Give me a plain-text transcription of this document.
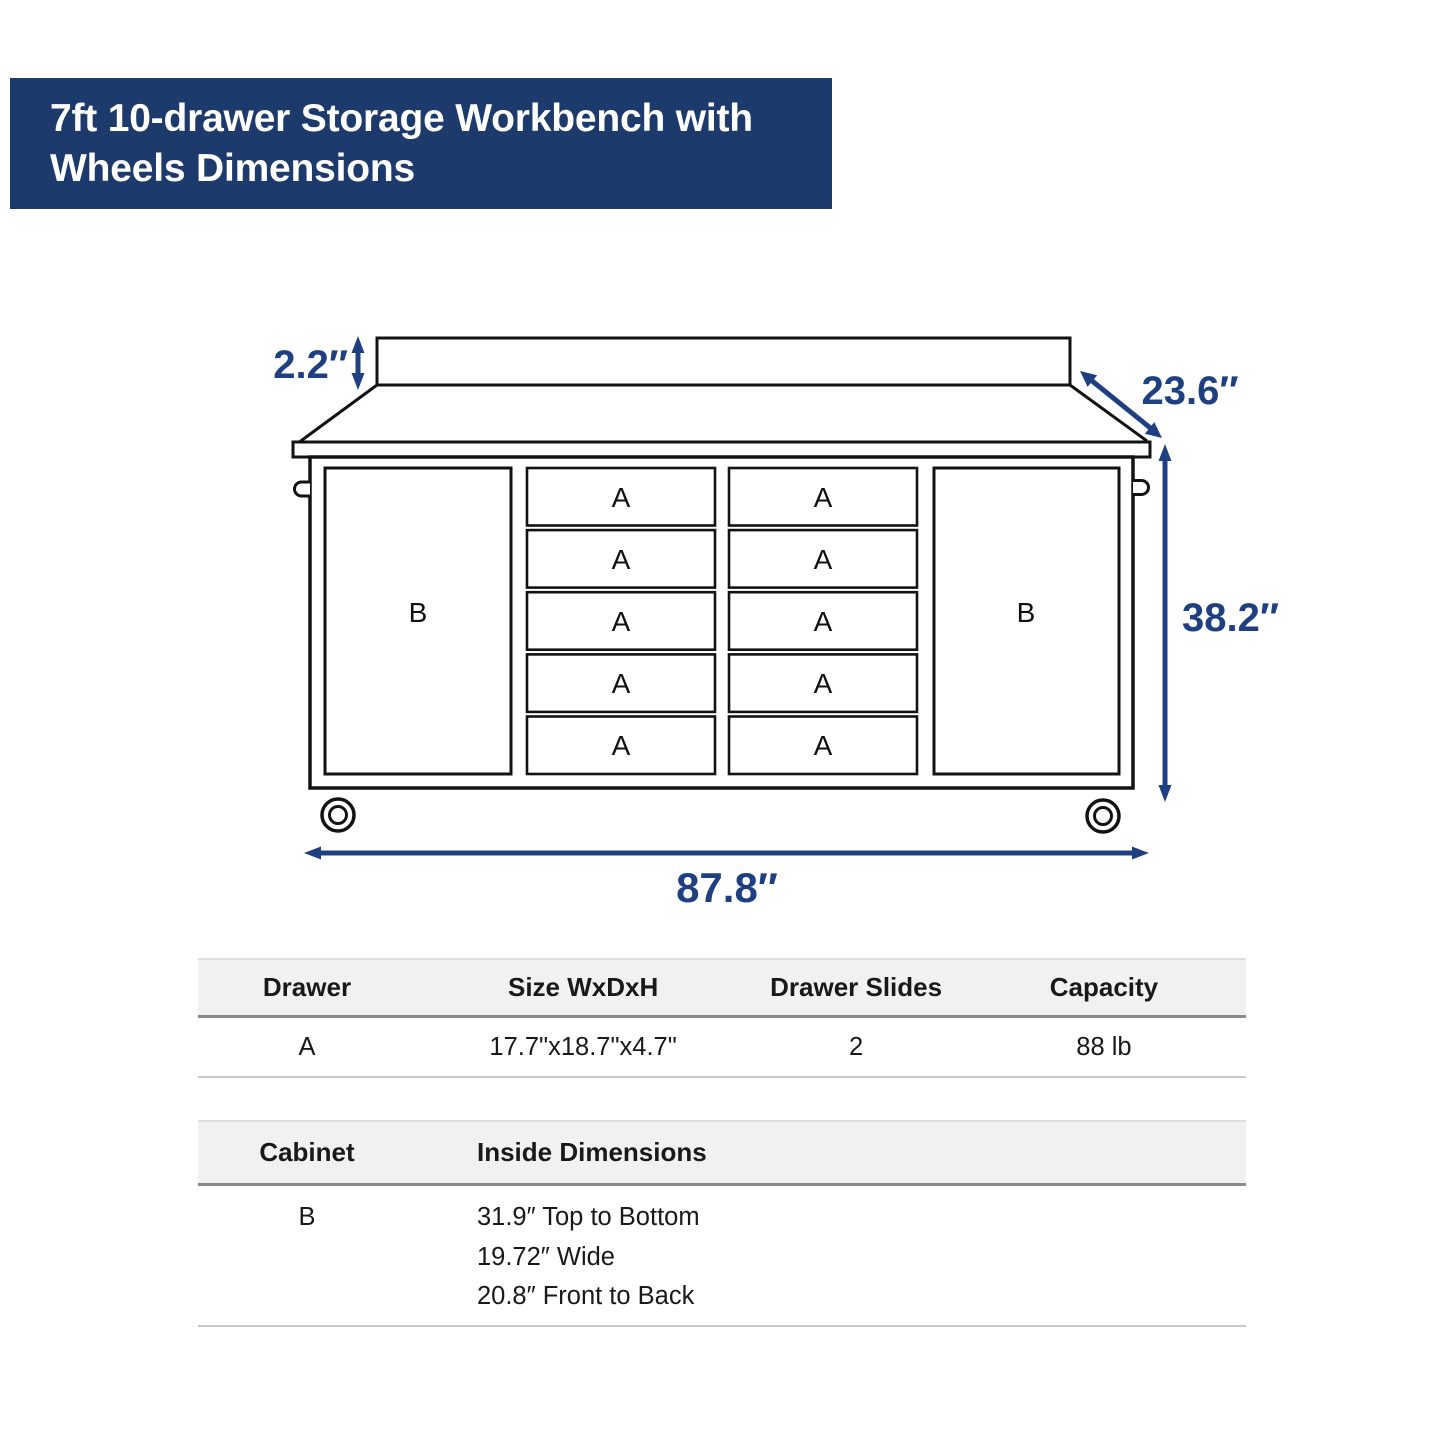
7ft 10-drawer Storage Workbench with
Wheels Dimensions
B	B
A
A
A
A
A
A
A
A
A
A
2.2″
23.6″
38.2″
87.8″
Drawer	Size WxDxH	Drawer Slides	Capacity
A	17.7"x18.7"x4.7"	2	88 lb
Cabinet	Inside Dimensions
B	31.9″ Top to Bottom
19.72″ Wide
20.8″ Front to Back
